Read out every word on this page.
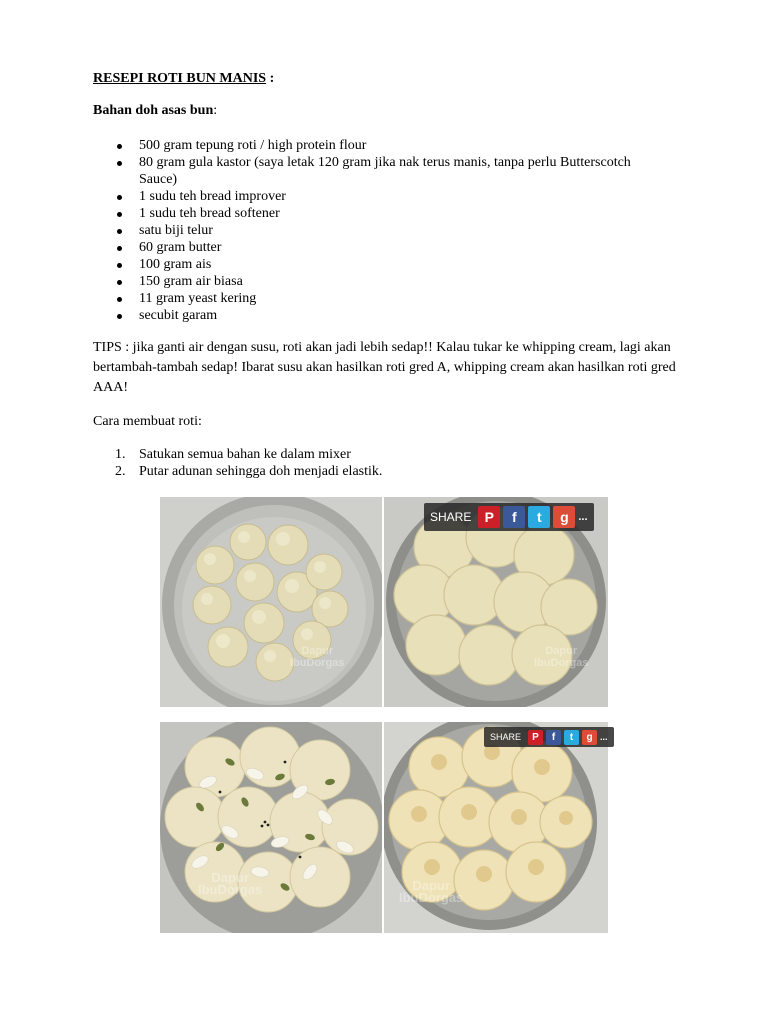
RESEPI ROTI BUN MANIS :
Bahan doh asas bun:
500 gram tepung roti / high protein flour
80 gram gula kastor (saya letak 120 gram jika nak terus manis, tanpa perlu Butterscotch Sauce)
1 sudu teh bread improver
1 sudu teh bread softener
satu biji telur
60 gram butter
100 gram ais
150 gram air biasa
11 gram yeast kering
secubit garam
TIPS : jika ganti air dengan susu, roti akan jadi lebih sedap!! Kalau tukar ke whipping cream, lagi akan bertambah-tambah sedap! Ibarat susu akan hasilkan roti gred A, whipping cream akan hasilkan roti gred AAA!
Cara membuat roti:
1. Satukan semua bahan ke dalam mixer
2. Putar adunan sehingga doh menjadi elastik.
Dapur
IbuDorgas
Dapur
IbuDorgas
SHARE P	f	t	g ...
Dapur
IbuDorgas	Dapur
IbuDorgas
SHARE	P	f	t	g ...
